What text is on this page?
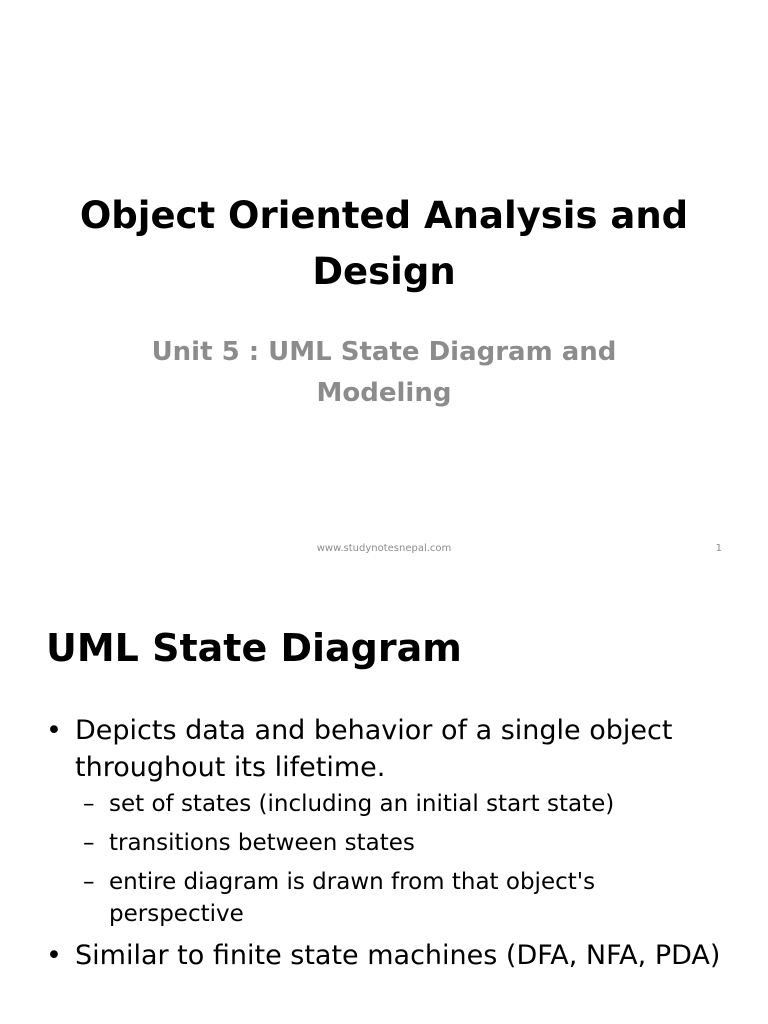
Object Oriented Analysis and Design
Unit 5 : UML State Diagram and Modeling
www.studynotesnepal.com	1
UML State Diagram
• Depicts data and behavior of a single object throughout its lifetime.
– set of states (including an initial start state)
– transitions between states
– entire diagram is drawn from that object's perspective
• Similar to finite state machines (DFA, NFA, PDA)
